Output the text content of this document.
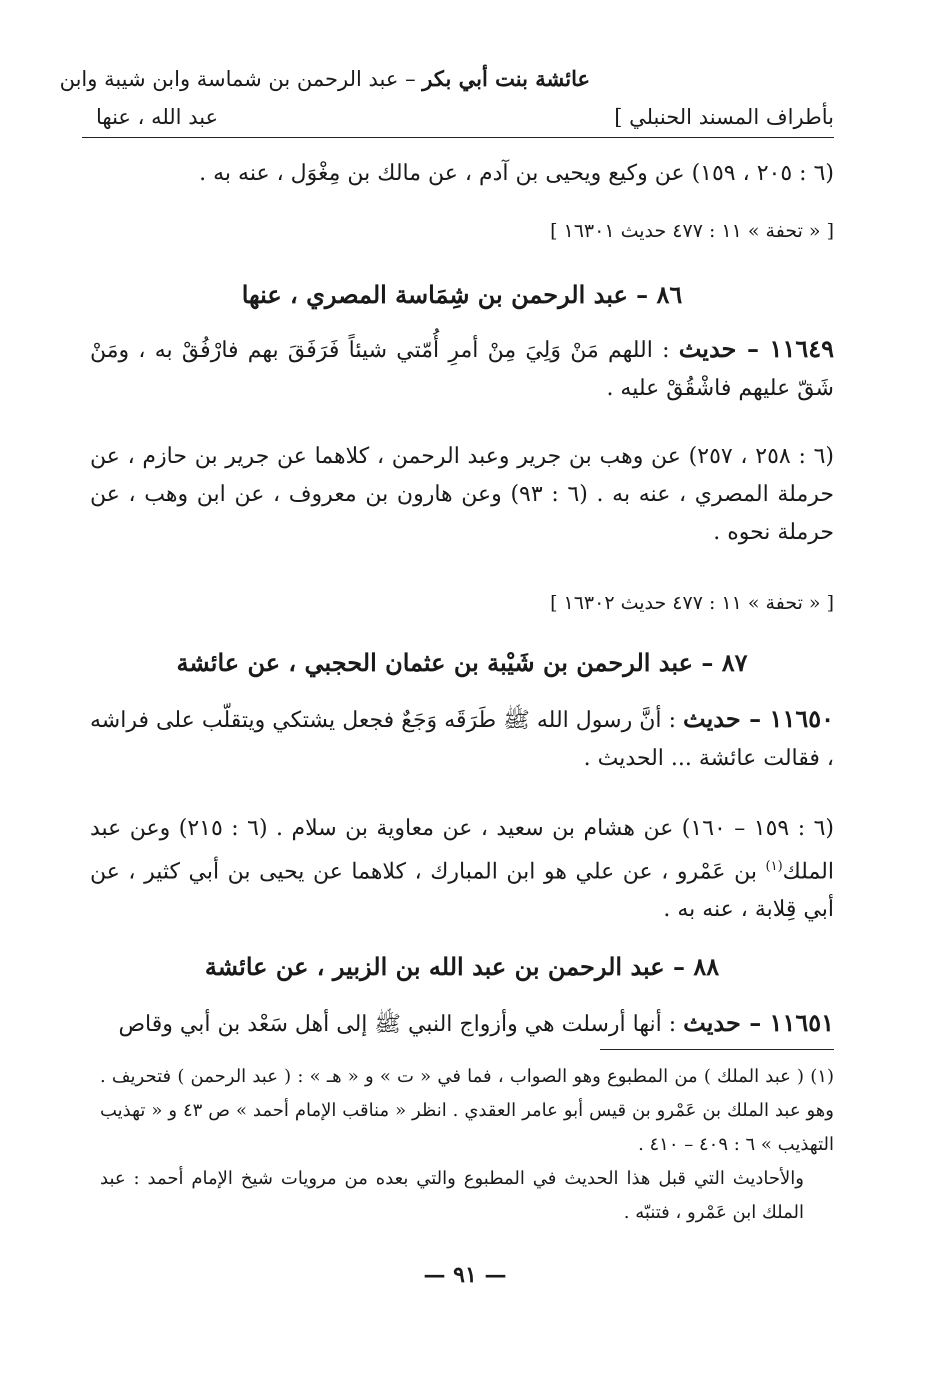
عائشة بنت أبي بكر – عبد الرحمن بن شماسة وابن شيبة وابن
بأطراف المسند الحنبلي ]
عبد الله ، عنها
(٦ : ٢٠٥ ، ١٥٩) عن وكيع ويحيى بن آدم ، عن مالك بن مِغْوَل ، عنه به .
[ « تحفة » ١١ : ٤٧٧ حديث ١٦٣٠١ ]
٨٦ – عبد الرحمن بن شِمَاسة المصري ، عنها

١١٦٤٩ – حديث : اللهم مَنْ وَلِيَ مِنْ أمرِ أُمّتي شيئاً فَرَفَقَ بهم فارْفُقْ به ، ومَنْ شَقّ عليهم فاشْقُقْ عليه .

(٦ : ٢٥٨ ، ٢٥٧) عن وهب بن جرير وعبد الرحمن ، كلاهما عن جرير بن حازم ، عن حرملة المصري ، عنه به . (٦ : ٩٣) وعن هارون بن معروف ، عن ابن وهب ، عن حرملة نحوه .
[ « تحفة » ١١ : ٤٧٧ حديث ١٦٣٠٢ ]
٨٧ – عبد الرحمن بن شَيْبة بن عثمان الحجبي ، عن عائشة

١١٦٥٠ – حديث : أنَّ رسول الله ﷺ طَرَقَه وَجَعٌ فجعل يشتكي ويتقلّب على فراشه ، فقالت عائشة ... الحديث .

(٦ : ١٥٩ – ١٦٠) عن هشام بن سعيد ، عن معاوية بن سلام . (٦ : ٢١٥) وعن عبد الملك$^{(١)}$ بن عَمْرو ، عن علي هو ابن المبارك ، كلاهما عن يحيى بن أبي كثير ، عن أبي قِلابة ، عنه به .

٨٨ – عبد الرحمن بن عبد الله بن الزبير ، عن عائشة

١١٦٥١ – حديث : أنها أرسلت هي وأزواج النبي ﷺ إلى أهل سَعْد بن أبي وقاص

(١) ( عبد الملك ) من المطبوع وهو الصواب ، فما في « ت » و « هـ » : ( عبد الرحمن ) فتحريف . وهو عبد الملك بن عَمْرو بن قيس أبو عامر العقدي . انظر « مناقب الإمام أحمد » ص ٤٣ و « تهذيب التهذيب » ٦ : ٤٠٩ – ٤١٠ .

والأحاديث التي قبل هذا الحديث في المطبوع والتي بعده من مرويات شيخ الإمام أحمد : عبد الملك ابن عَمْرو ، فتنبّه .

— ٩١ —
